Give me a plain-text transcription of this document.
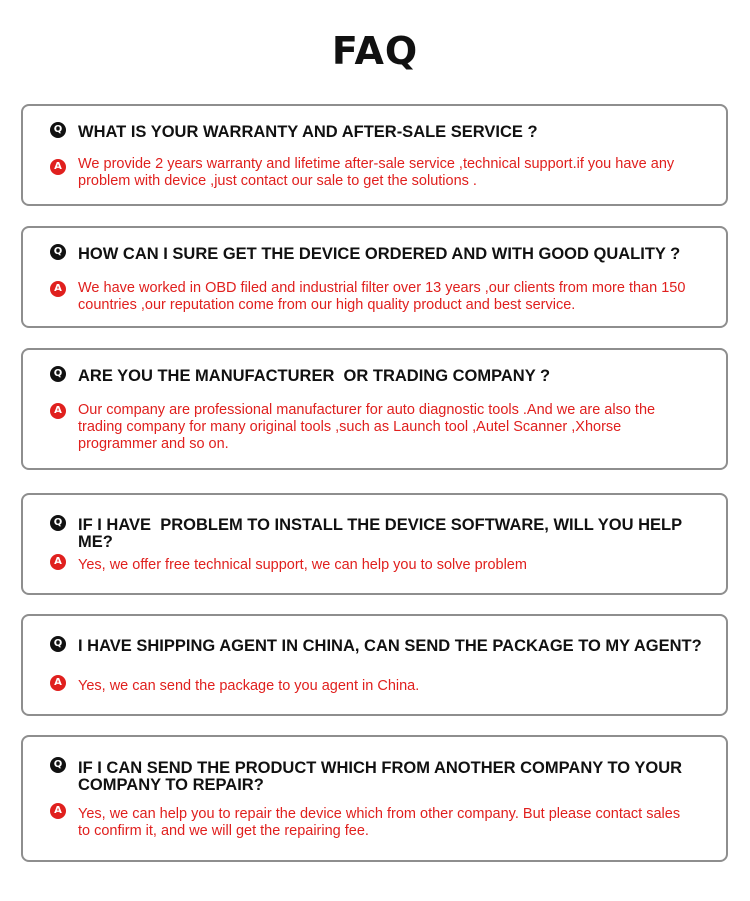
FAQ
Q WHAT IS YOUR WARRANTY AND AFTER-SALE SERVICE ?
A We provide 2 years warranty and lifetime after-sale service ,technical support.if you have any problem with device ,just contact our sale to get the solutions .
Q HOW CAN I SURE GET THE DEVICE ORDERED AND WITH GOOD QUALITY ?
A We have worked in OBD filed and industrial filter over 13 years ,our clients from more than 150 countries ,our reputation come from our high quality product and best service.
Q ARE YOU THE MANUFACTURER  OR TRADING COMPANY ?
A Our company are professional manufacturer for auto diagnostic tools .And we are also the trading company for many original tools ,such as Launch tool ,Autel Scanner ,Xhorse programmer and so on.
Q IF I HAVE  PROBLEM TO INSTALL THE DEVICE SOFTWARE, WILL YOU HELP ME?
A Yes, we offer free technical support, we can help you to solve problem
Q I HAVE SHIPPING AGENT IN CHINA, CAN SEND THE PACKAGE TO MY AGENT?
A Yes, we can send the package to you agent in China.
Q IF I CAN SEND THE PRODUCT WHICH FROM ANOTHER COMPANY TO YOUR COMPANY TO REPAIR?
A Yes, we can help you to repair the device which from other company. But please contact sales to confirm it, and we will get the repairing fee.
